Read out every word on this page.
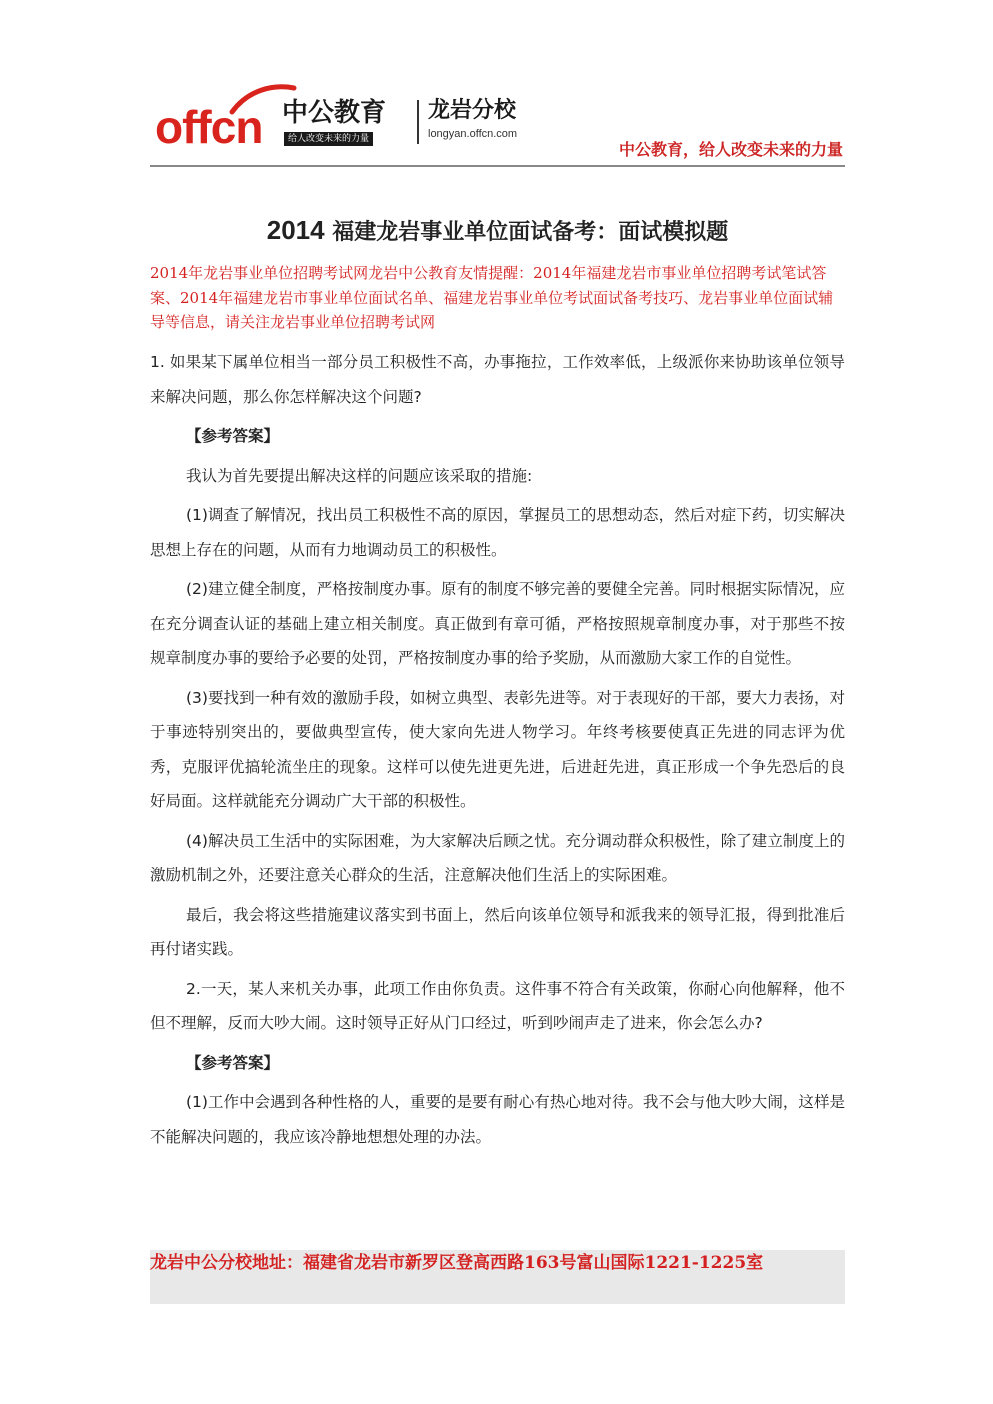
offcn 中公教育
给人改变未来的力量
龙岩分校
longyan.offcn.com
中公教育，给人改变未来的力量
2014 福建龙岩事业单位面试备考：面试模拟题
2014年龙岩事业单位招聘考试网龙岩中公教育友情提醒：2014年福建龙岩市事业单位招聘考试笔试答案、2014年福建龙岩市事业单位面试名单、福建龙岩事业单位考试面试备考技巧、龙岩事业单位面试辅导等信息，请关注龙岩事业单位招聘考试网

1. 如果某下属单位相当一部分员工积极性不高，办事拖拉，工作效率低，上级派你来协助该单位领导来解决问题，那么你怎样解决这个问题?

【参考答案】

我认为首先要提出解决这样的问题应该采取的措施:

(1)调查了解情况，找出员工积极性不高的原因，掌握员工的思想动态，然后对症下药，切实解决思想上存在的问题，从而有力地调动员工的积极性。

(2)建立健全制度，严格按制度办事。原有的制度不够完善的要健全完善。同时根据实际情况，应在充分调查认证的基础上建立相关制度。真正做到有章可循，严格按照规章制度办事，对于那些不按规章制度办事的要给予必要的处罚，严格按制度办事的给予奖励，从而激励大家工作的自觉性。

(3)要找到一种有效的激励手段，如树立典型、表彰先进等。对于表现好的干部，要大力表扬，对于事迹特别突出的，要做典型宣传，使大家向先进人物学习。年终考核要使真正先进的同志评为优秀，克服评优搞轮流坐庄的现象。这样可以使先进更先进，后进赶先进，真正形成一个争先恐后的良好局面。这样就能充分调动广大干部的积极性。

(4)解决员工生活中的实际困难，为大家解决后顾之忧。充分调动群众积极性，除了建立制度上的激励机制之外，还要注意关心群众的生活，注意解决他们生活上的实际困难。

最后，我会将这些措施建议落实到书面上，然后向该单位领导和派我来的领导汇报，得到批准后再付诸实践。

2.一天，某人来机关办事，此项工作由你负责。这件事不符合有关政策，你耐心向他解释，他不但不理解，反而大吵大闹。这时领导正好从门口经过，听到吵闹声走了进来，你会怎么办?

【参考答案】

(1)工作中会遇到各种性格的人，重要的是要有耐心有热心地对待。我不会与他大吵大闹，这样是不能解决问题的，我应该冷静地想想处理的办法。

龙岩中公分校地址：福建省龙岩市新罗区登高西路163号富山国际1221-1225室
